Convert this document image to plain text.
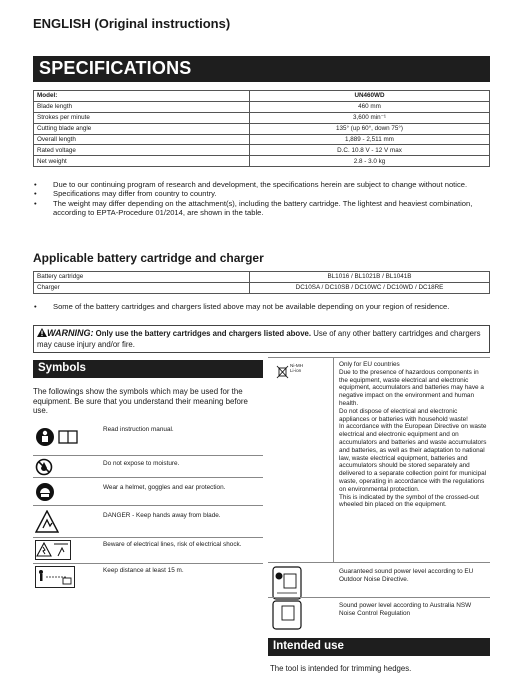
ENGLISH (Original instructions)
SPECIFICATIONS
Model:	UN460WD
Blade length	460 mm
Strokes per minute	3,600 min⁻¹
Cutting blade angle	135° (up 60°, down 75°)
Overall length	1,889 - 2,511 mm
Rated voltage	D.C. 10.8 V - 12 V max
Net weight	2.8 - 3.0 kg
• Due to our continuing program of research and development, the specifications herein are subject to change without notice.
• Specifications may differ from country to country.
• The weight may differ depending on the attachment(s), including the battery cartridge. The lightest and heaviest combination, according to EPTA-Procedure 01/2014, are shown in the table.
Applicable battery cartridge and charger
Battery cartridge	BL1016 / BL1021B / BL1041B
Charger	DC10SA / DC10SB / DC10WC / DC10WD / DC18RE
• Some of the battery cartridges and chargers listed above may not be available depending on your region of residence.
WARNING: Only use the battery cartridges and chargers listed above. Use of any other battery cartridges and chargers may cause injury and/or fire.
Symbols
The followings show the symbols which may be used for the equipment. Be sure that you understand their meaning before use.
Read instruction manual.
Do not expose to moisture.
Wear a helmet, goggles and ear protection.
DANGER - Keep hands away from blade.
Beware of electrical lines, risk of electrical shock.
Keep distance at least 15 m.
Ni-MH
Li-ion
Only for EU countries
Due to the presence of hazardous components in the equipment, waste electrical and electronic equipment, accumulators and batteries may have a negative impact on the environment and human health.
Do not dispose of electrical and electronic appliances or batteries with household waste!
In accordance with the European Directive on waste electrical and electronic equipment and on accumulators and batteries and waste accumulators and batteries, as well as their adaptation to national law, waste electrical equipment, batteries and accumulators should be stored separately and delivered to a separate collection point for municipal waste, operating in accordance with the regulations on environmental protection.
This is indicated by the symbol of the crossed-out wheeled bin placed on the equipment.
Guaranteed sound power level according to EU Outdoor Noise Directive.
Sound power level according to Australia NSW Noise Control Regulation
Intended use
The tool is intended for trimming hedges.
